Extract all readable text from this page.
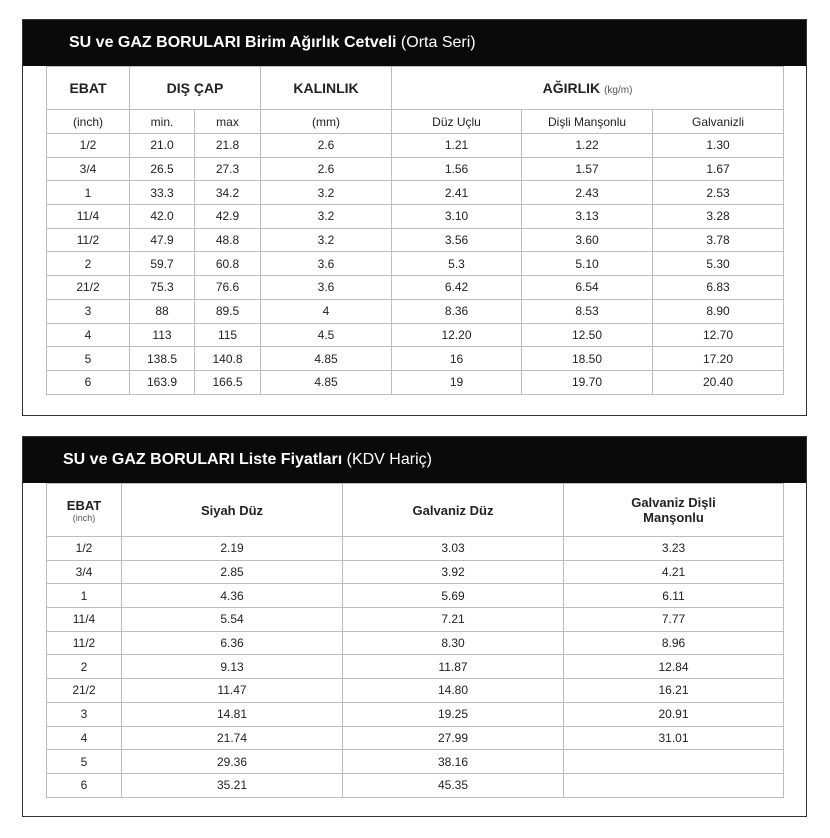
SU ve GAZ BORULARI Birim Ağırlık Cetveli (Orta Seri)
EBAT	DIŞ ÇAP		KALINLIK	AĞIRLIK (kg/m)		
(inch)	min.	max	(mm)	Düz Uçlu	Dişli Manşonlu	Galvanizli
1/2	21.0	21.8	2.6	1.21	1.22	1.30
3/4	26.5	27.3	2.6	1.56	1.57	1.67
1	33.3	34.2	3.2	2.41	2.43	2.53
11/4	42.0	42.9	3.2	3.10	3.13	3.28
11/2	47.9	48.8	3.2	3.56	3.60	3.78
2	59.7	60.8	3.6	5.3	5.10	5.30
21/2	75.3	76.6	3.6	6.42	6.54	6.83
3	88	89.5	4	8.36	8.53	8.90
4	113	115	4.5	12.20	12.50	12.70
5	138.5	140.8	4.85	16	18.50	17.20
6	163.9	166.5	4.85	19	19.70	20.40
SU ve GAZ BORULARI Liste Fiyatları (KDV Hariç)
EBAT
(inch)	Siyah Düz	Galvaniz Düz	Galvaniz Dişli
Manşonlu
1/2	2.19	3.03	3.23
3/4	2.85	3.92	4.21
1	4.36	5.69	6.11
11/4	5.54	7.21	7.77
11/2	6.36	8.30	8.96
2	9.13	11.87	12.84
21/2	11.47	14.80	16.21
3	14.81	19.25	20.91
4	21.74	27.99	31.01
5	29.36	38.16	
6	35.21	45.35	
